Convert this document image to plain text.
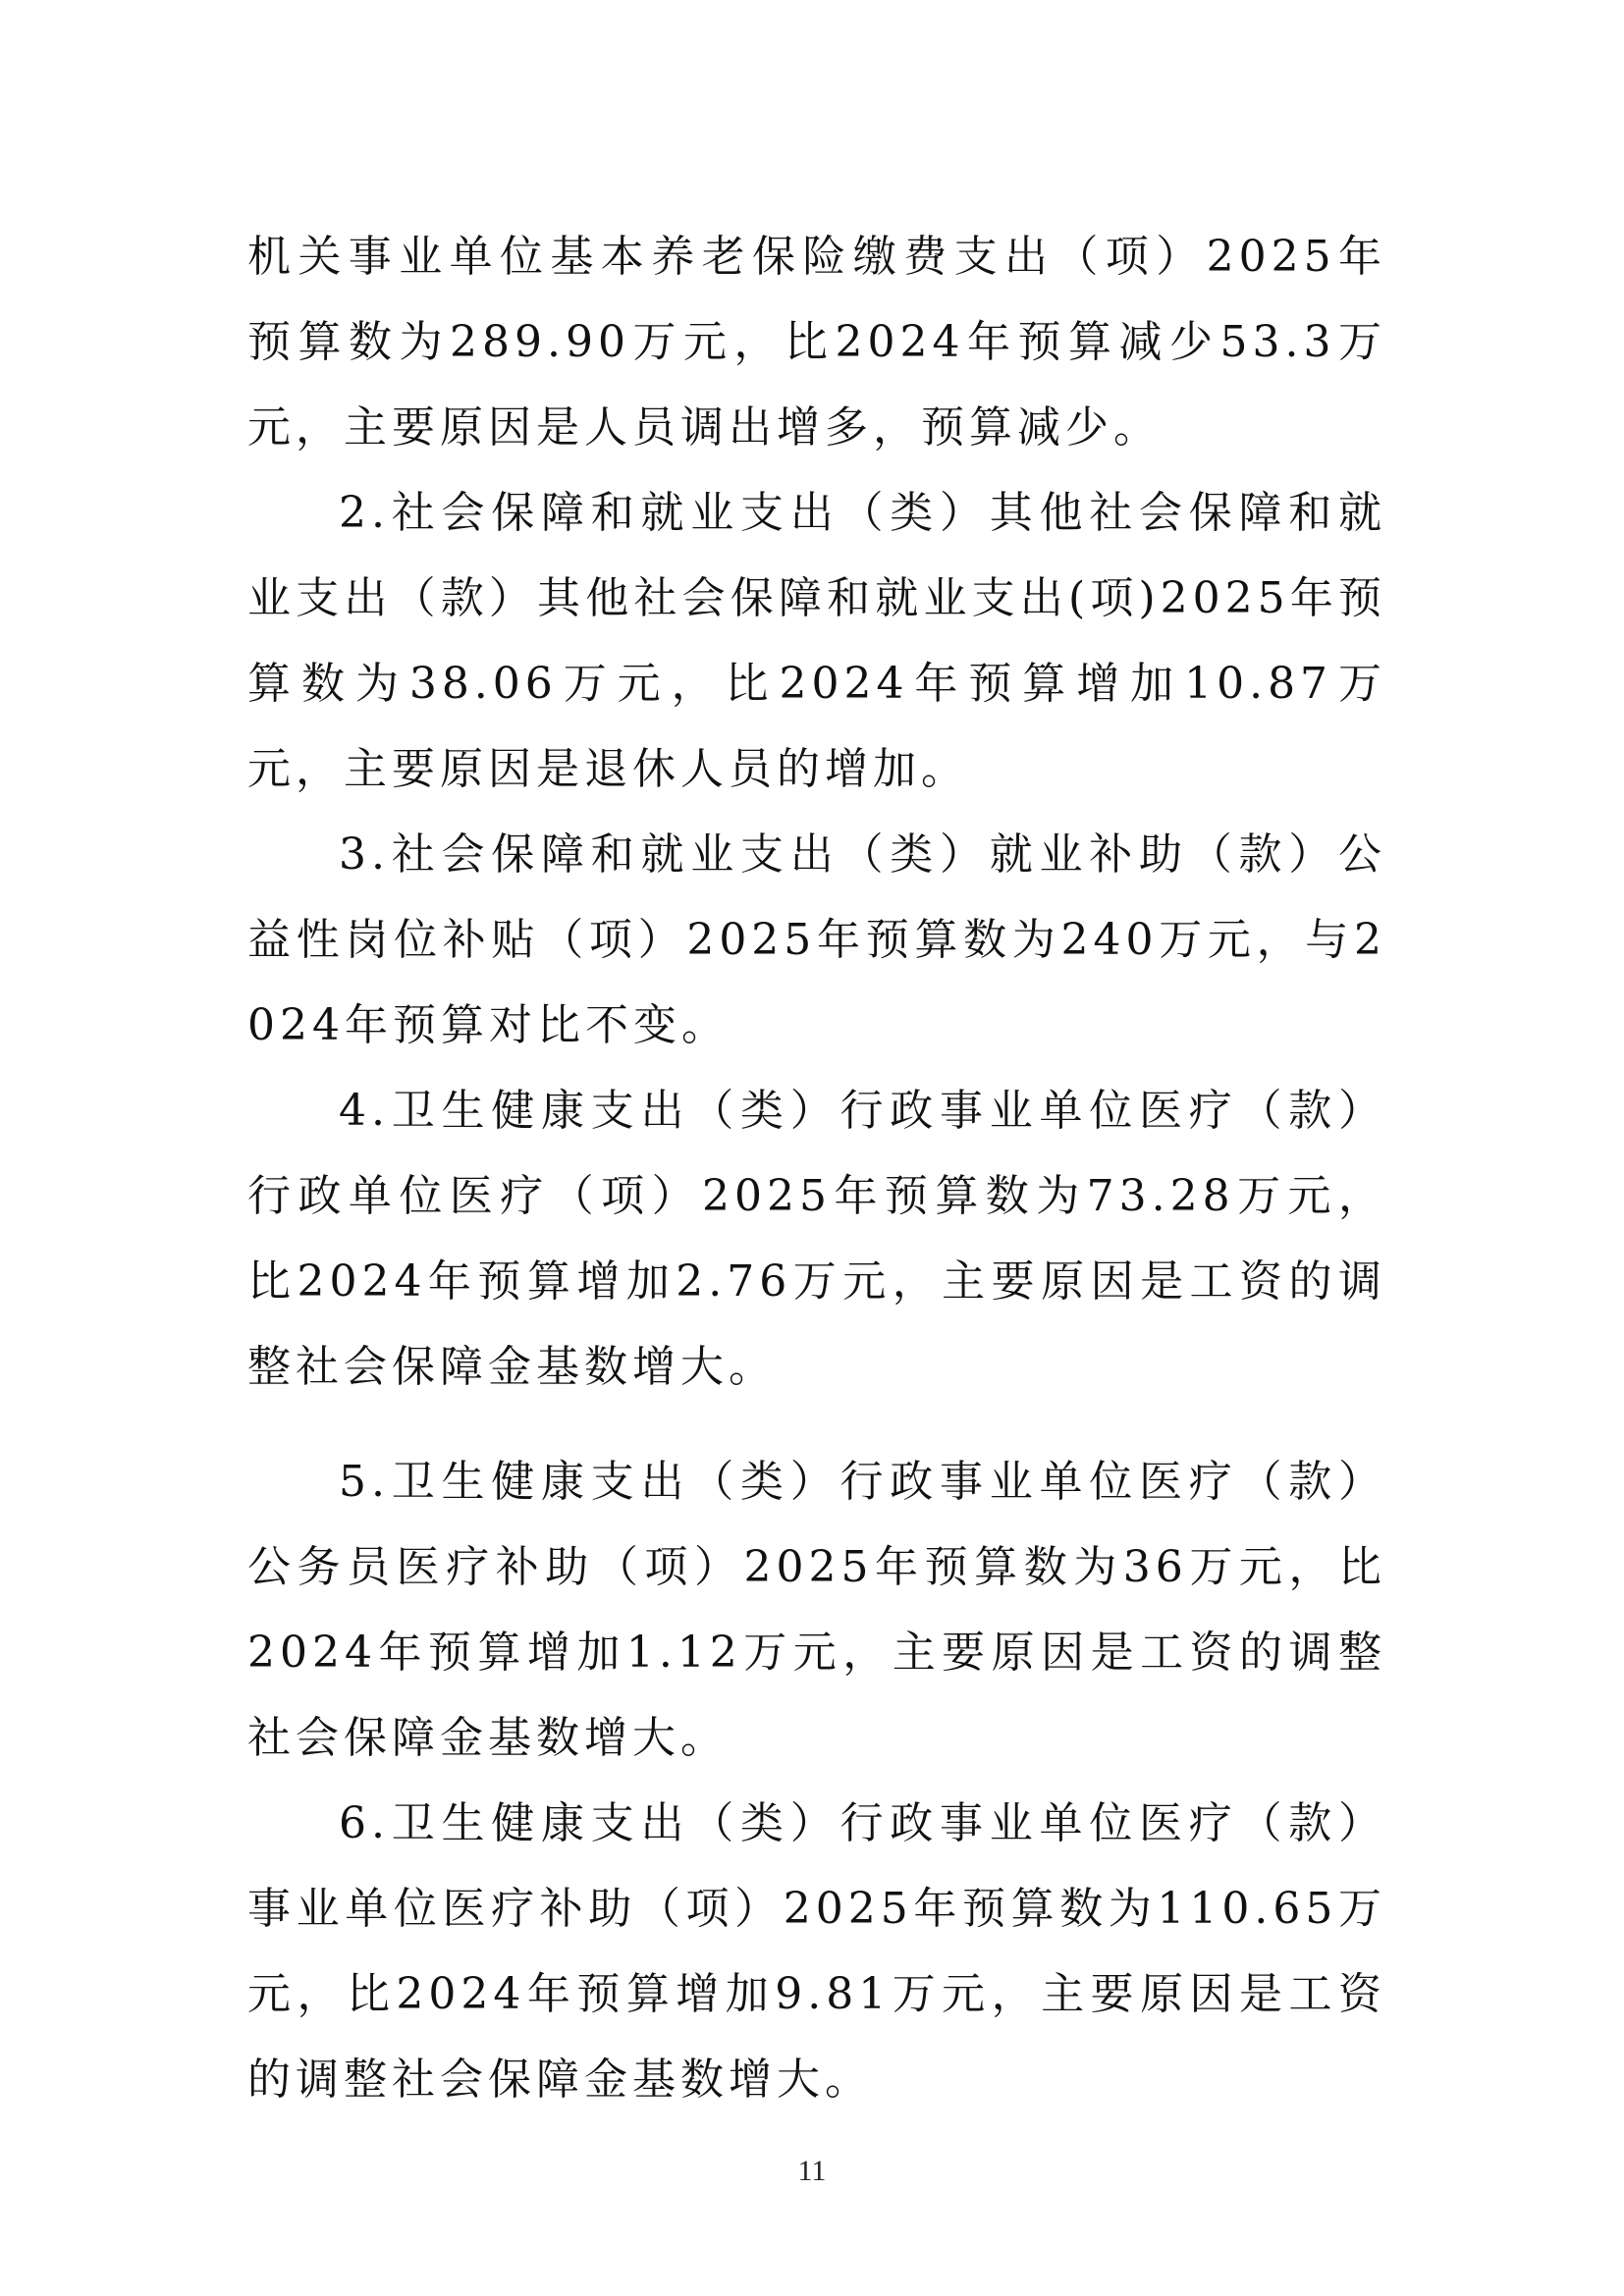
机关事业单位基本养老保险缴费支出（项）2025年预算数为289.90万元，比2024年预算减少53.3万元，主要原因是人员调出增多，预算减少。

2.社会保障和就业支出（类）其他社会保障和就业支出（款）其他社会保障和就业支出(项)2025年预算数为38.06万元，比2024年预算增加10.87万元，主要原因是退休人员的增加。

3.社会保障和就业支出（类）就业补助（款）公益性岗位补贴（项）2025年预算数为240万元，与2024年预算对比不变。

4.卫生健康支出（类）行政事业单位医疗（款）行政单位医疗（项）2025年预算数为73.28万元，比2024年预算增加2.76万元，主要原因是工资的调整社会保障金基数增大。

5.卫生健康支出（类）行政事业单位医疗（款）公务员医疗补助（项）2025年预算数为36万元，比2024年预算增加1.12万元，主要原因是工资的调整社会保障金基数增大。

6.卫生健康支出（类）行政事业单位医疗（款）事业单位医疗补助（项）2025年预算数为110.65万元，比2024年预算增加9.81万元，主要原因是工资的调整社会保障金基数增大。

11
